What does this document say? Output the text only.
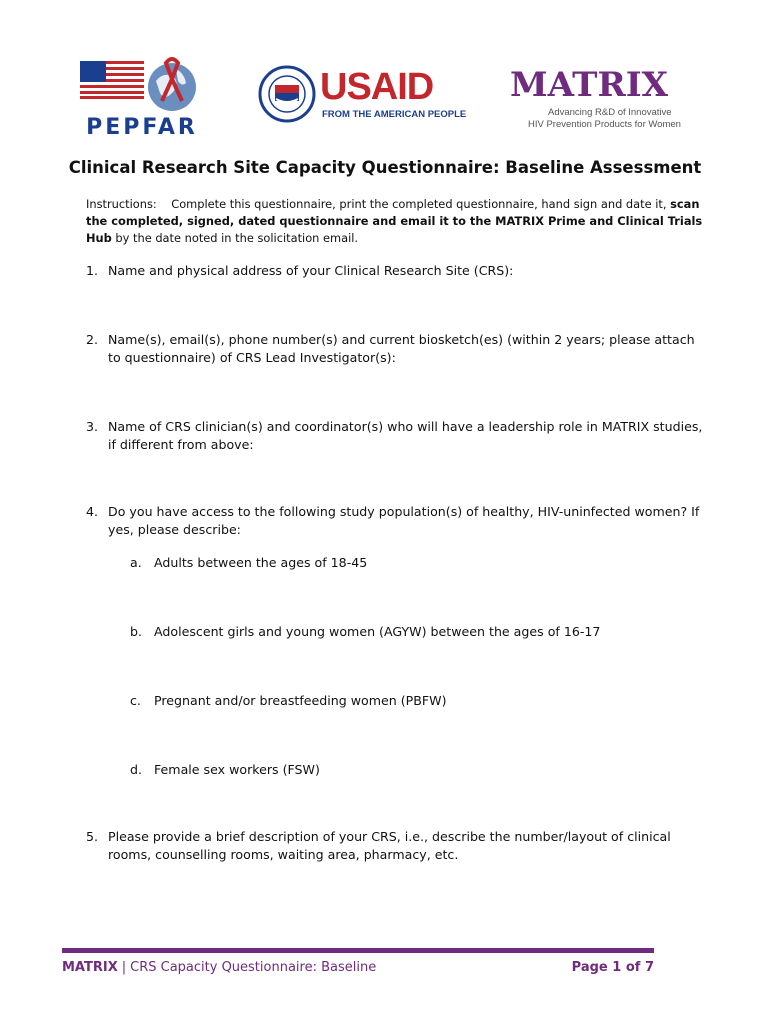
PEPFAR
USAID
FROM THE AMERICAN PEOPLE
MATRIX
Advancing R&D of Innovative
HIV Prevention Products for Women
Clinical Research Site Capacity Questionnaire: Baseline Assessment
Instructions: Complete this questionnaire, print the completed questionnaire, hand sign and date it, scan the completed, signed, dated questionnaire and email it to the MATRIX Prime and Clinical Trials Hub by the date noted in the solicitation email.
1. Name and physical address of your Clinical Research Site (CRS):
2. Name(s), email(s), phone number(s) and current biosketch(es) (within 2 years; please attach to questionnaire) of CRS Lead Investigator(s):
3. Name of CRS clinician(s) and coordinator(s) who will have a leadership role in MATRIX studies, if different from above:
4. Do you have access to the following study population(s) of healthy, HIV-uninfected women? If yes, please describe:
a. Adults between the ages of 18-45
b. Adolescent girls and young women (AGYW) between the ages of 16-17
c. Pregnant and/or breastfeeding women (PBFW)
d. Female sex workers (FSW)
5. Please provide a brief description of your CRS, i.e., describe the number/layout of clinical rooms, counselling rooms, waiting area, pharmacy, etc.
MATRIX | CRS Capacity Questionnaire: Baseline	Page 1 of 7
